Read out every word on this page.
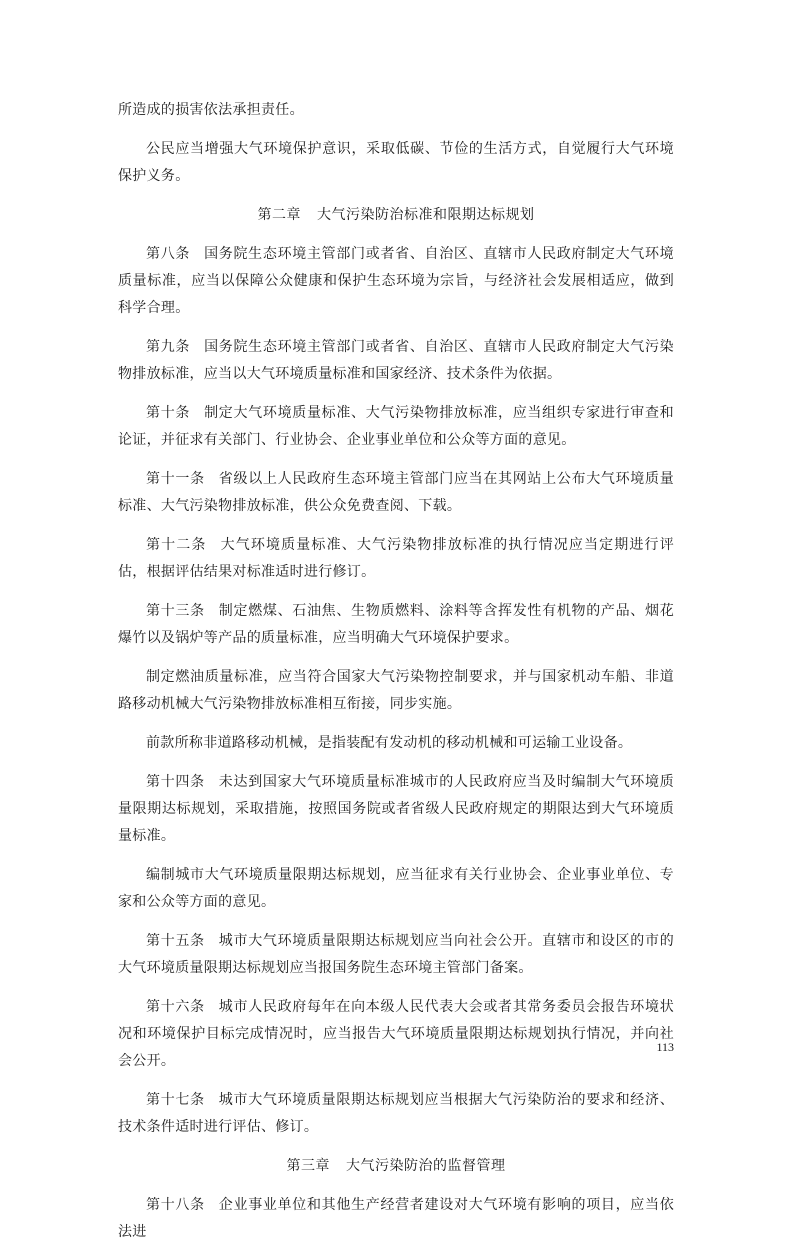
所造成的损害依法承担责任。

公民应当增强大气环境保护意识，采取低碳、节俭的生活方式，自觉履行大气环境保护义务。

第二章 大气污染防治标准和限期达标规划

第八条 国务院生态环境主管部门或者省、自治区、直辖市人民政府制定大气环境质量标准，应当以保障公众健康和保护生态环境为宗旨，与经济社会发展相适应，做到科学合理。

第九条 国务院生态环境主管部门或者省、自治区、直辖市人民政府制定大气污染物排放标准，应当以大气环境质量标准和国家经济、技术条件为依据。

第十条 制定大气环境质量标准、大气污染物排放标准，应当组织专家进行审查和论证，并征求有关部门、行业协会、企业事业单位和公众等方面的意见。

第十一条 省级以上人民政府生态环境主管部门应当在其网站上公布大气环境质量标准、大气污染物排放标准，供公众免费查阅、下载。

第十二条 大气环境质量标准、大气污染物排放标准的执行情况应当定期进行评估，根据评估结果对标准适时进行修订。

第十三条 制定燃煤、石油焦、生物质燃料、涂料等含挥发性有机物的产品、烟花爆竹以及锅炉等产品的质量标准，应当明确大气环境保护要求。

制定燃油质量标准，应当符合国家大气污染物控制要求，并与国家机动车船、非道路移动机械大气污染物排放标准相互衔接，同步实施。

前款所称非道路移动机械，是指装配有发动机的移动机械和可运输工业设备。

第十四条 未达到国家大气环境质量标准城市的人民政府应当及时编制大气环境质量限期达标规划，采取措施，按照国务院或者省级人民政府规定的期限达到大气环境质量标准。

编制城市大气环境质量限期达标规划，应当征求有关行业协会、企业事业单位、专家和公众等方面的意见。

第十五条 城市大气环境质量限期达标规划应当向社会公开。直辖市和设区的市的大气环境质量限期达标规划应当报国务院生态环境主管部门备案。

第十六条 城市人民政府每年在向本级人民代表大会或者其常务委员会报告环境状况和环境保护目标完成情况时，应当报告大气环境质量限期达标规划执行情况，并向社会公开。

第十七条 城市大气环境质量限期达标规划应当根据大气污染防治的要求和经济、技术条件适时进行评估、修订。

第三章 大气污染防治的监督管理

第十八条 企业事业单位和其他生产经营者建设对大气环境有影响的项目，应当依法进

113
